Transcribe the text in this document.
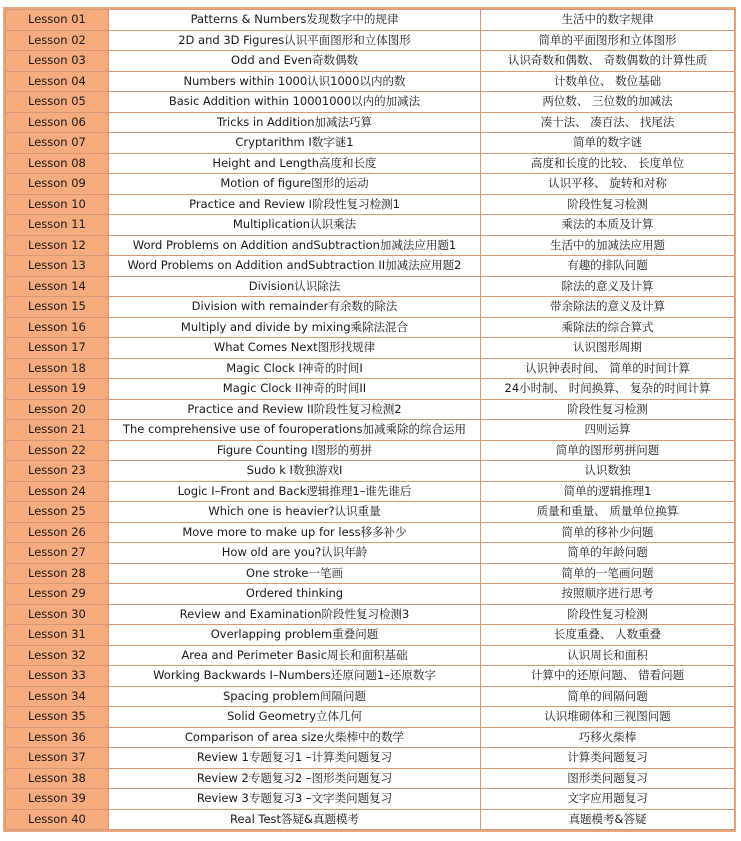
Lesson 01	Patterns & Numbers发现数字中的规律	生活中的数字规律
Lesson 02	2D and 3D Figures认识平面图形和立体图形	简单的平面图形和立体图形
Lesson 03	Odd and Even奇数偶数	认识奇数和偶数、 奇数偶数的计算性质
Lesson 04	Numbers within 1000认识1000以内的数	计数单位、 数位基础
Lesson 05	Basic Addition within 10001000以内的加减法	两位数、 三位数的加减法
Lesson 06	Tricks in Addition加减法巧算	凑十法、 凑百法、 找尾法
Lesson 07	Cryptarithm I数字谜1	简单的数字谜
Lesson 08	Height and Length高度和长度	高度和长度的比较、 长度单位
Lesson 09	Motion of figure图形的运动	认识平移、 旋转和对称
Lesson 10	Practice and Review I阶段性复习检测1	阶段性复习检测
Lesson 11	Multiplication认识乘法	乘法的本质及计算
Lesson 12	Word Problems on Addition andSubtraction加减法应用题1	生活中的加减法应用题
Lesson 13	Word Problems on Addition andSubtraction II加减法应用题2	有趣的排队问题
Lesson 14	Division认识除法	除法的意义及计算
Lesson 15	Division with remainder有余数的除法	带余除法的意义及计算
Lesson 16	Multiply and divide by mixing乘除法混合	乘除法的综合算式
Lesson 17	What Comes Next图形找规律	认识图形周期
Lesson 18	Magic Clock I神奇的时间I	认识钟表时间、 简单的时间计算
Lesson 19	Magic Clock II神奇的时间II	24小时制、 时间换算、 复杂的时间计算
Lesson 20	Practice and Review II阶段性复习检测2	阶段性复习检测
Lesson 21	The comprehensive use of fouroperations加减乘除的综合运用	四则运算
Lesson 22	Figure Counting I图形的剪拼	简单的图形剪拼问题
Lesson 23	Sudo k I数独游戏I	认识数独
Lesson 24	Logic I–Front and Back逻辑推理1–谁先谁后	简单的逻辑推理1
Lesson 25	Which one is heavier?认识重量	质量和重量、 质量单位换算
Lesson 26	Move more to make up for less移多补少	简单的移补少问题
Lesson 27	How old are you?认识年龄	简单的年龄问题
Lesson 28	One stroke一笔画	简单的一笔画问题
Lesson 29	Ordered thinking	按照顺序进行思考
Lesson 30	Review and Examination阶段性复习检测3	阶段性复习检测
Lesson 31	Overlapping problem重叠问题	长度重叠、 人数重叠
Lesson 32	Area and Perimeter Basic周长和面积基础	认识周长和面积
Lesson 33	Working Backwards I–Numbers还原问题1–还原数字	计算中的还原问题、 错看问题
Lesson 34	Spacing problem间隔问题	简单的间隔问题
Lesson 35	Solid Geometry立体几何	认识堆砌体和三视图问题
Lesson 36	Comparison of area size火柴棒中的数学	巧移火柴棒
Lesson 37	Review 1专题复习1 –计算类问题复习	计算类问题复习
Lesson 38	Review 2专题复习2 –图形类问题复习	图形类问题复习
Lesson 39	Review 3专题复习3 –文字类问题复习	文字应用题复习
Lesson 40	Real Test答疑&真题模考	真题模考&答疑
